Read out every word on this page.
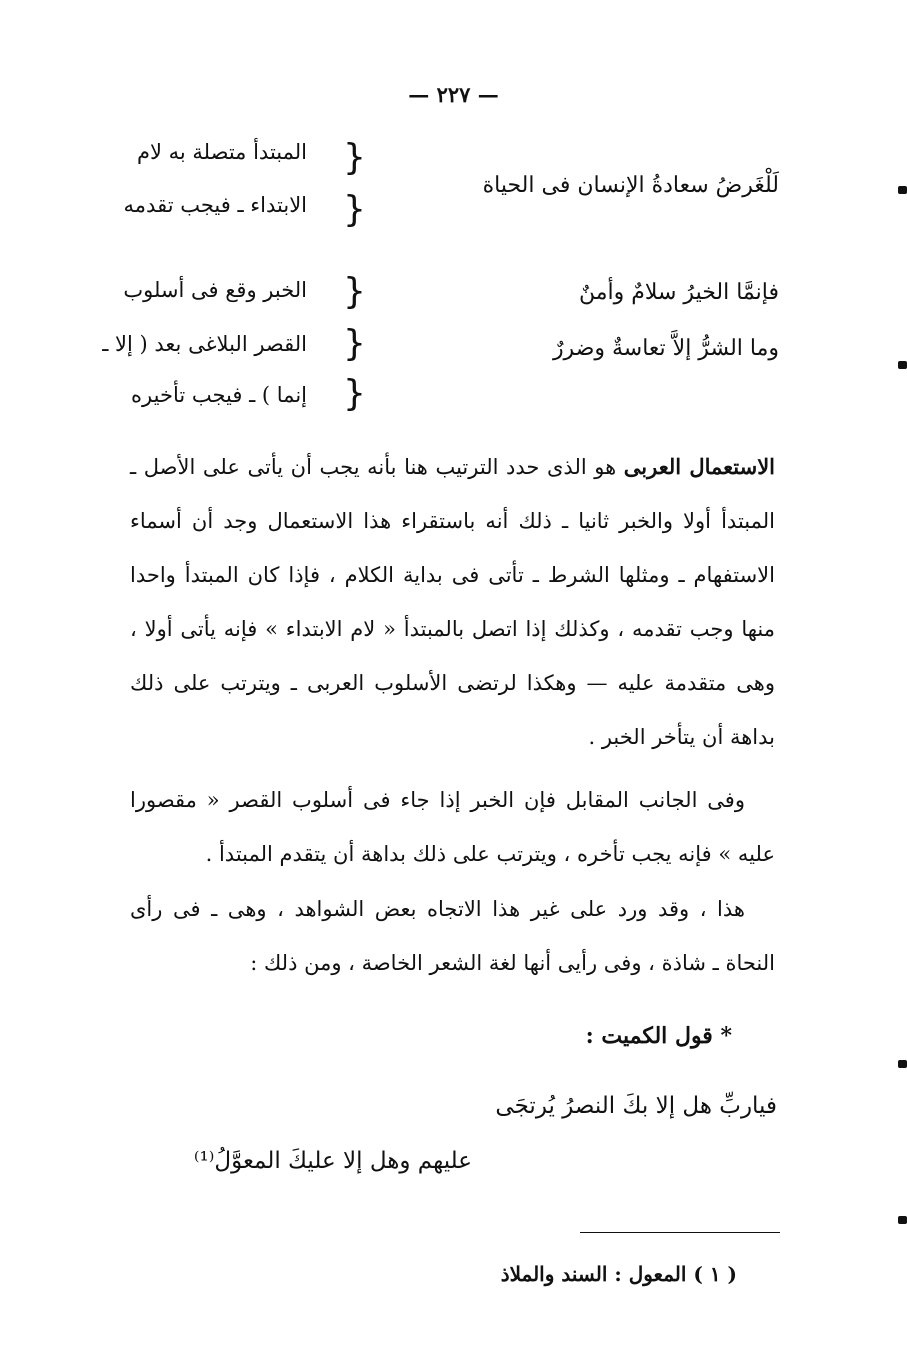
— ٢٢٧ —
المبتدأ متصلة به لام
الابتداء ـ فيجب تقدمه
الخبر وقع فى أسلوب
القصر البلاغى بعد ( إلا ـ
إنما ) ـ فيجب تأخيره
{
{
{
{
{
لَلْغَرضُ سعادةُ الإنسان فى الحياة
فإنمَّا الخيرُ سلامٌ وأمنٌ
وما الشرُّ إلاَّ تعاسةٌ وضررٌ
الاستعمال العربى هو الذى حدد الترتيب هنا بأنه يجب أن يأتى على الأصل ـ المبتدأ أولا والخبر ثانيا ـ ذلك أنه باستقراء هذا الاستعمال وجد أن أسماء الاستفهام ـ ومثلها الشرط ـ تأتى فى بداية الكلام ، فإذا كان المبتدأ واحدا منها وجب تقدمه ، وكذلك إذا اتصل بالمبتدأ « لام الابتداء » فإنه يأتى أولا ، وهى متقدمة عليه — وهكذا لرتضى الأسلوب العربى ـ ويترتب على ذلك بداهة أن يتأخر الخبر .
وفى الجانب المقابل فإن الخبر إذا جاء فى أسلوب القصر « مقصورا عليه » فإنه يجب تأخره ، ويترتب على ذلك بداهة أن يتقدم المبتدأ .
هذا ، وقد ورد على غير هذا الاتجاه بعض الشواهد ، وهى ـ فى رأى النحاة ـ شاذة ، وفى رأيى أنها لغة الشعر الخاصة ، ومن ذلك :
* قول الكميت :
فياربِّ هل إلا بكَ النصرُ يُرتجَى
عليهم وهل إلا عليكَ المعوَّلُ⁽¹⁾
( ١ ) المعول : السند والملاذ
